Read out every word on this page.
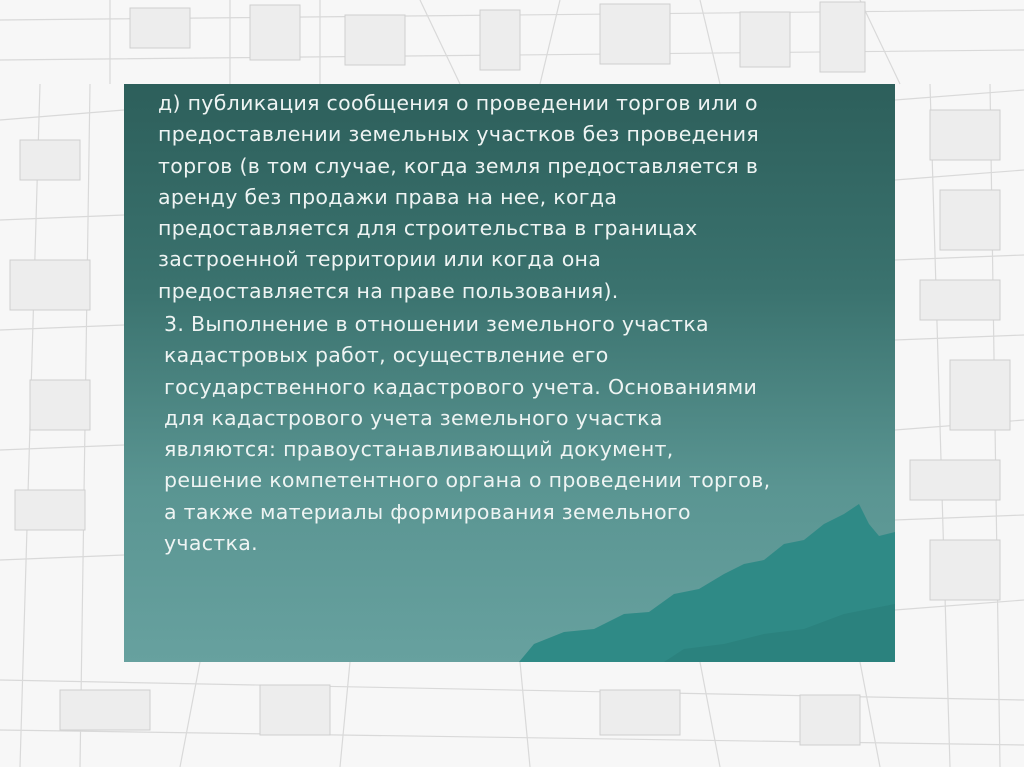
д) публикация сообщения о проведении торгов или о
предоставлении земельных участков без проведения
торгов (в том случае, когда земля предоставляется в
аренду без продажи права на нее, когда
предоставляется для строительства в границах
застроенной территории или когда она
предоставляется на праве пользования).
3. Выполнение в отношении земельного участка
кадастровых работ, осуществление его
государственного кадастрового учета. Основаниями
для кадастрового учета земельного участка
являются: правоустанавливающий документ,
решение компетентного органа о проведении торгов,
а также материалы формирования земельного
участка.
